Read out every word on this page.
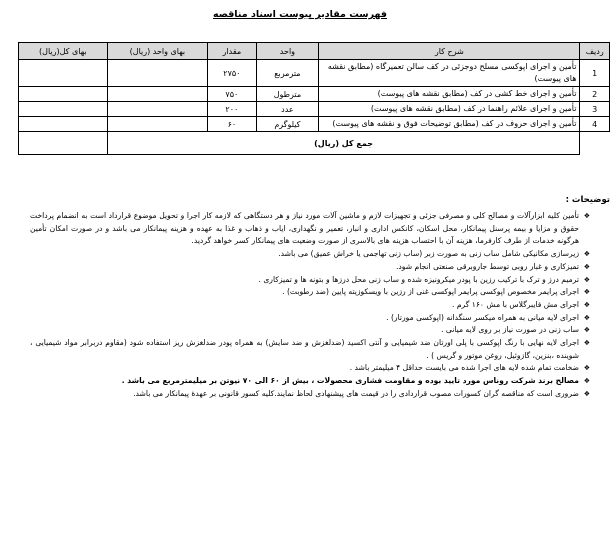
فهرست مقادیر پیوست اسناد مناقصه
ردیف	شرح کار	واحد	مقدار	بهای واحد (ریال)	بهای کل(ریال)
1	تأمین و اجرای اپوکسی مسلح دوجزئی در کف سالن تعمیرگاه (مطابق نقشه های پیوست)	مترمربع	۲۷۵۰		
2	تأمین و اجرای خط کشی در کف (مطابق نقشه های پیوست)	مترطول	۷۵۰		
3	تأمین و اجرای علائم راهنما در کف (مطابق نقشه های پیوست)	عدد	۲۰۰		
4	تأمین و اجرای حروف در کف (مطابق توضیحات فوق و نقشه های پیوست)	کیلوگرم	۶۰		
	جمع کل (ریال)				
توضیحات :
❖
تأمین کلیه ابزارآلات و مصالح کلی و مصرفی جزئی و تجهیزات لازم و ماشین آلات مورد نیاز و هر دستگاهی که لازمه کار اجرا و تحویل موضوع قرارداد است به انضمام پرداخت حقوق و مزایا و بیمه پرسنل پیمانکار، محل اسکان، کانکس اداری و انبار، تعمیر و نگهداری، ایاب و ذهاب و غذا به عهده و هزینه پیمانکار می باشد و در صورت امکان تأمین هرگونه خدمات از طرف کارفرما، هزینه آن با احتساب هزینه های بالاسری از صورت وضعیت های پیمانکار کسر خواهد گردید.
❖
زیرسازی مکانیکی شامل ساب زنی به صورت زبر (ساب زنی تهاجمی یا خراش عمیق) می باشد.
❖
تمیزکاری و غبار روبی توسط جاروبرقی صنعتی انجام شود.
❖
ترمیم درز و ترک با ترکیب رزین با پودر میکرونیزه شده و ساب زنی محل درزها و بتونه ها و تمیزکاری .
❖
اجرای پرایمر مخصوص اپوکسی پرایمر اپوکسی غنی از رزین با ویسکوزیته پایین (ضد رطوبت) .
❖
اجرای مش فایبرگلاس با مش ۱۶۰ گرم .
❖
اجرای لایه میانی به همراه میکسر سنگدانه (اپوکسی مورتار) .
❖
ساب زنی در صورت نیاز بر روی لایه میانی .
❖
اجرای لایه نهایی با رنگ اپوکسی با پلی اورتان ضد شیمیایی و آنتی اکسید (ضدلغزش و ضد سایش) به همراه پودر ضدلغزش ریز استفاده شود (مقاوم دربرابر مواد شیمیایی ، شوینده ،بنزین، گازوئیل، روغن موتور و گریس ) .
❖
ضخامت تمام شده لایه های اجرا شده می بایست حداقل ۴ میلیمتر باشد .
❖
مصالح برند شرکت روناس مورد تایید بوده و مقاومت فشاری محصولات ، بیش از ۶۰ الی ۷۰ نیوتن بر میلیمترمربع می باشد .
❖
ضروری است که مناقصه گران کسورات مصوب قراردادی را در قیمت های پیشنهادی لحاظ نمایند.کلیه کسور قانونی بر عهدهٔ پیمانکار می باشد.
